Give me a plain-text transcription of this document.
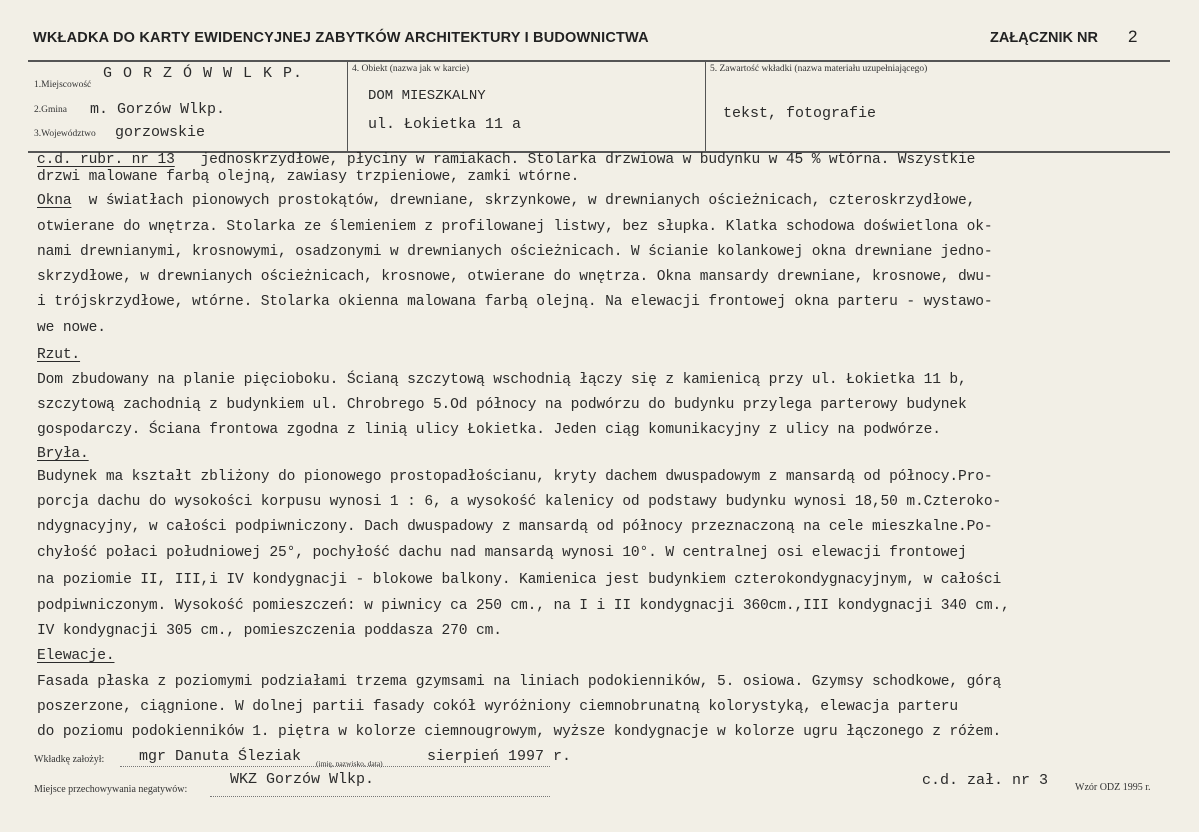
WKŁADKA DO KARTY EWIDENCYJNEJ ZABYTKÓW ARCHITEKTURY I BUDOWNICTWA	ZAŁĄCZNIK NR 2
1.Miejscowość
G O R Z Ó W W L K P.
2.Gmina m. Gorzów Wlkp.
3.Województwo gorzowskie
4. Obiekt (nazwa jak w karcie)
DOM MIESZKALNY
ul. Łokietka 11 a
5. Zawartość wkładki (nazwa materiału uzupełniającego)
tekst, fotografie
c.d. rubr. nr 13 jednoskrzydłowe, płyciny w ramiakach. Stolarka drzwiowa w budynku w 45 % wtórna. Wszystkie
drzwi malowane farbą olejną, zawiasy trzpieniowe, zamki wtórne.
Okna w światłach pionowych prostokątów, drewniane, skrzynkowe, w drewnianych ościeżnicach, czteroskrzydłowe,
otwierane do wnętrza. Stolarka ze ślemieniem z profilowanej listwy, bez słupka. Klatka schodowa doświetlona ok-
nami drewnianymi, krosnowymi, osadzonymi w drewnianych ościeżnicach. W ścianie kolankowej okna drewniane jedno-
skrzydłowe, w drewnianych ościeżnicach, krosnowe, otwierane do wnętrza. Okna mansardy drewniane, krosnowe, dwu-
i trójskrzydłowe, wtórne. Stolarka okienna malowana farbą olejną. Na elewacji frontowej okna parteru - wystawo-
we nowe.
Rzut.
Dom zbudowany na planie pięcioboku. Ścianą szczytową wschodnią łączy się z kamienicą przy ul. Łokietka 11 b,
szczytową zachodnią z budynkiem ul. Chrobrego 5.Od północy na podwórzu do budynku przylega parterowy budynek
gospodarczy. Ściana frontowa zgodna z linią ulicy Łokietka. Jeden ciąg komunikacyjny z ulicy na podwórze.
Bryła.
Budynek ma kształt zbliżony do pionowego prostopadłościanu, kryty dachem dwuspadowym z mansardą od północy.Pro-
porcja dachu do wysokości korpusu wynosi 1 : 6, a wysokość kalenicy od podstawy budynku wynosi 18,50 m.Czteroko-
ndygnacyjny, w całości podpiwniczony. Dach dwuspadowy z mansardą od północy przeznaczoną na cele mieszkalne.Po-
chyłość połaci południowej 25°, pochyłość dachu nad mansardą wynosi 10°. W centralnej osi elewacji frontowej
na poziomie II, III,i IV kondygnacji - blokowe balkony. Kamienica jest budynkiem czterokondygnacyjnym, w całości
podpiwniczonym. Wysokość pomieszczeń: w piwnicy ca 250 cm., na I i II kondygnacji 360cm.,III kondygnacji 340 cm.,
IV kondygnacji 305 cm., pomieszczenia poddasza 270 cm.
Elewacje.
Fasada płaska z poziomymi podziałami trzema gzymsami na liniach podokienników, 5. osiowa. Gzymsy schodkowe, górą
poszerzone, ciągnione. W dolnej partii fasady cokół wyróżniony ciemnobrunatną kolorystyką, elewacja parteru
do poziomu podokienników 1. piętra w kolorze ciemnougrowym, wyższe kondygnacje w kolorze ugru łączonego z różem.
Wkładkę założył: mgr Danuta Śleziak (imię, nazwisko, data)	sierpień 1997 r.
Miejsce przechowywania negatywów:
WKZ Gorzów Wlkp.	c.d. zał. nr 3	Wzór ODZ 1995 r.
